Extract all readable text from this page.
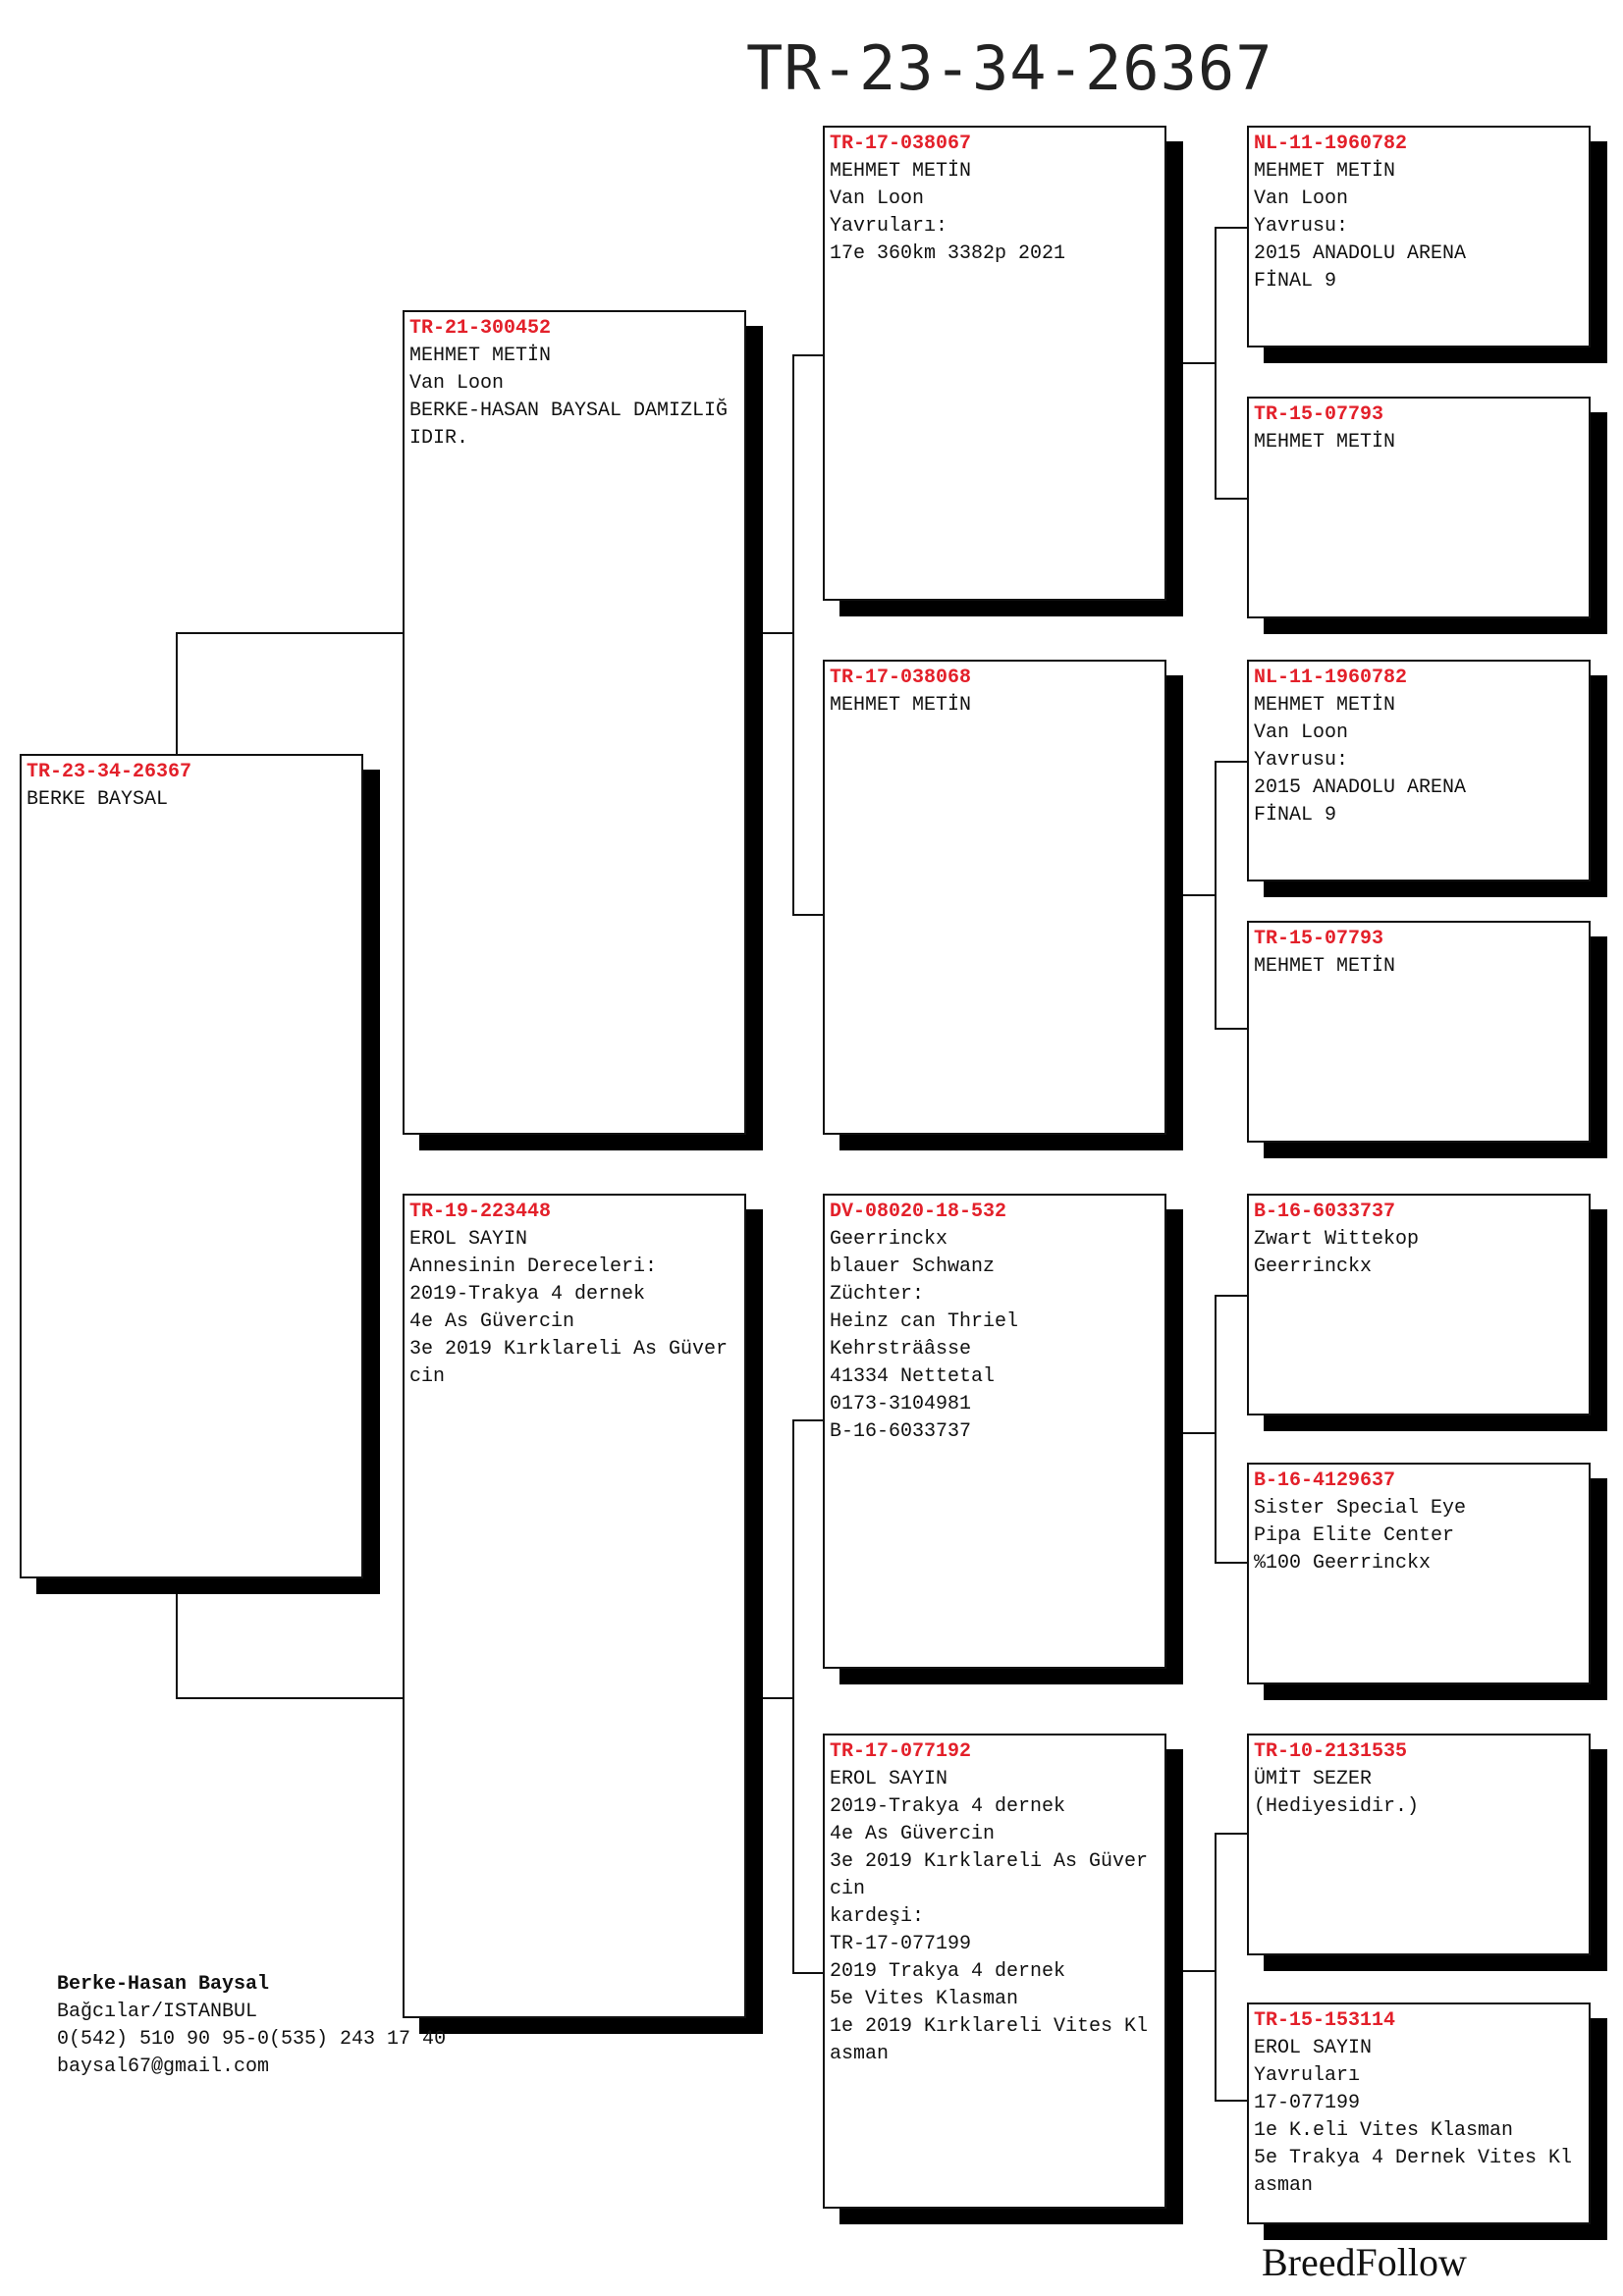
TR-23-34-26367
TR-23-34-26367
BERKE BAYSAL
TR-21-300452
MEHMET METİN
Van Loon
BERKE-HASAN BAYSAL DAMIZLIĞIDIR.
TR-19-223448
EROL SAYIN
Annesinin Dereceleri:
2019-Trakya 4 dernek
4e As Güvercin
3e 2019 Kırklareli As Güvercin
TR-17-038067
MEHMET METİN
Van Loon
Yavruları:
17e 360km 3382p 2021
TR-17-038068
MEHMET METİN
DV-08020-18-532
Geerrinckx
blauer Schwanz
Züchter:
Heinz can Thriel
Kehrsträâsse
41334 Nettetal
0173-3104981
B-16-6033737
TR-17-077192
EROL SAYIN
2019-Trakya 4 dernek
4e As Güvercin
3e 2019 Kırklareli As Güvercin
kardeşi:
TR-17-077199
2019 Trakya 4 dernek
5e Vites Klasman
1e 2019 Kırklareli Vites Klasman
NL-11-1960782
MEHMET METİN
Van Loon
Yavrusu:
2015 ANADOLU ARENA
FİNAL 9
TR-15-07793
MEHMET METİN
NL-11-1960782
MEHMET METİN
Van Loon
Yavrusu:
2015 ANADOLU ARENA
FİNAL 9
TR-15-07793
MEHMET METİN
B-16-6033737
Zwart Wittekop
Geerrinckx
B-16-4129637
Sister Special Eye
Pipa Elite Center
%100 Geerrinckx
TR-10-2131535
ÜMİT SEZER
(Hediyesidir.)
TR-15-153114
EROL SAYIN
Yavruları
17-077199
1e K.eli Vites Klasman
5e Trakya 4 Dernek Vites Klasman
Berke-Hasan Baysal
Bağcılar/ISTANBUL
0(542) 510 90 95-0(535) 243 17 40
baysal67@gmail.com
BreedFollow
